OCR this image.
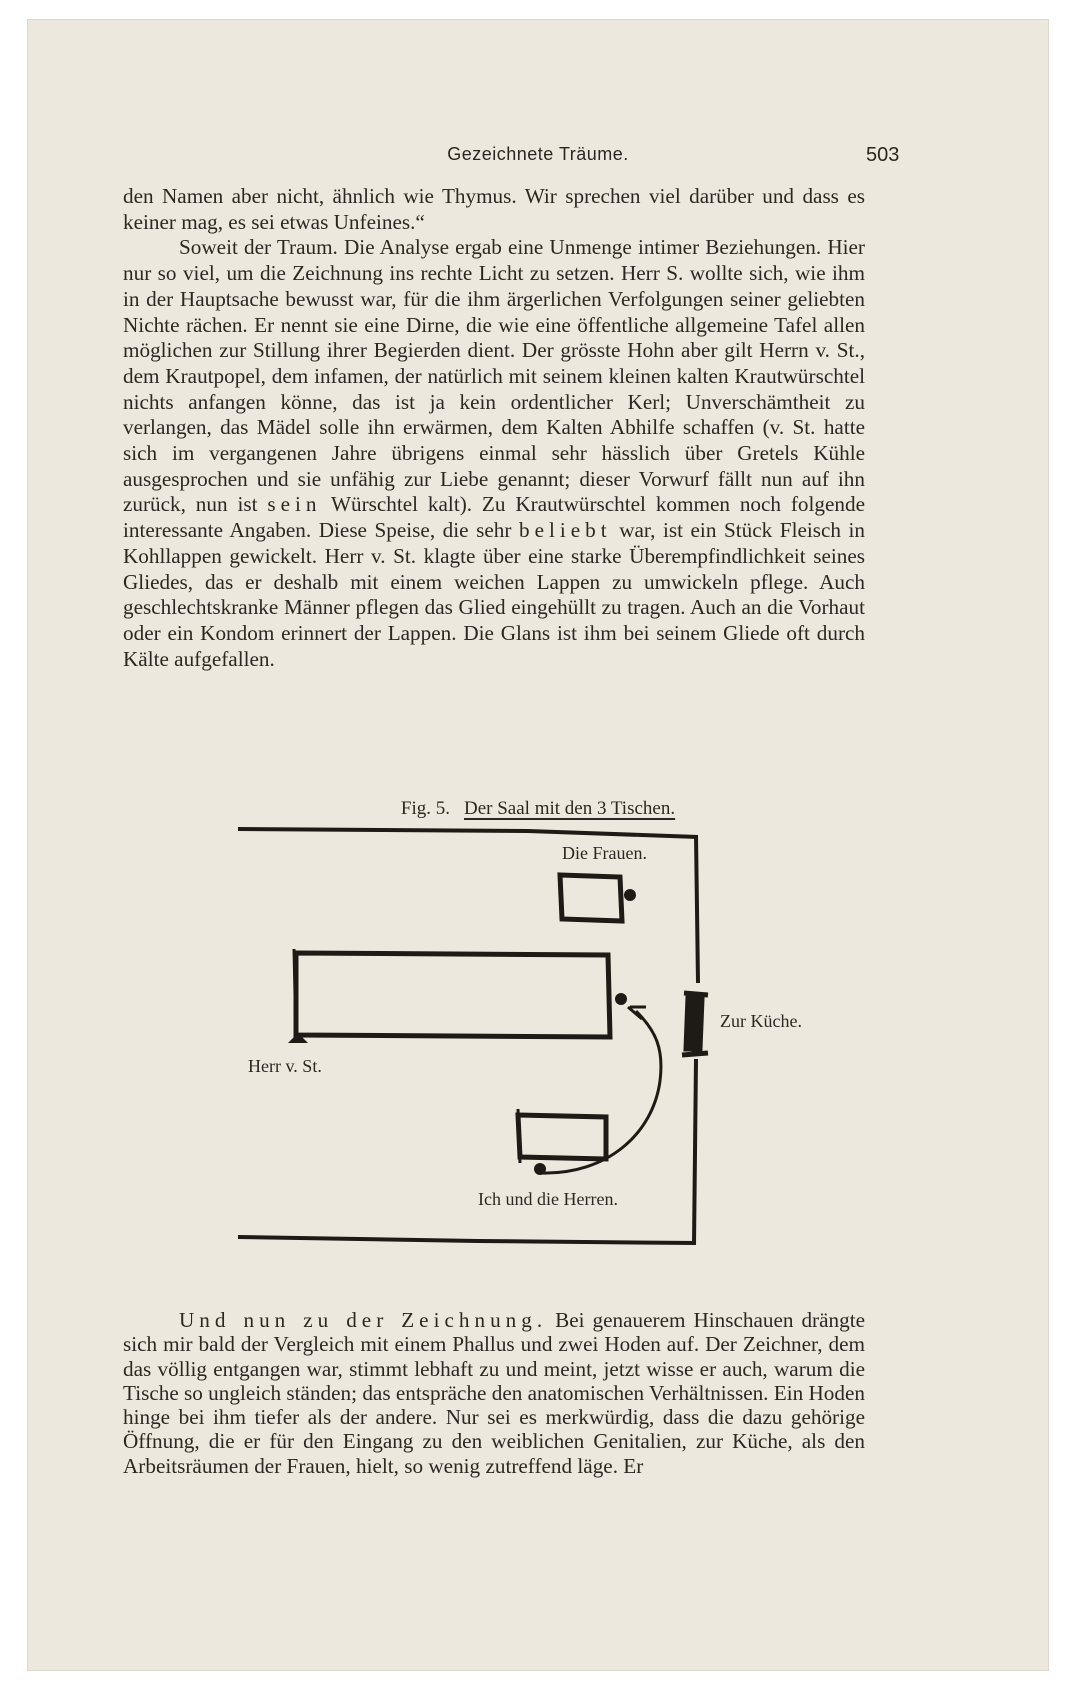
Gezeichnete Träume.	503

den Namen aber nicht, ähnlich wie Thymus. Wir sprechen viel darüber und dass es keiner mag, es sei etwas Unfeines.“

Soweit der Traum. Die Analyse ergab eine Unmenge intimer Beziehungen. Hier nur so viel, um die Zeichnung ins rechte Licht zu setzen. Herr S. wollte sich, wie ihm in der Hauptsache bewusst war, für die ihm ärgerlichen Verfolgungen seiner geliebten Nichte rächen. Er nennt sie eine Dirne, die wie eine öffentliche allgemeine Tafel allen möglichen zur Stillung ihrer Begierden dient. Der grösste Hohn aber gilt Herrn v. St., dem Krautpopel, dem infamen, der natürlich mit seinem kleinen kalten Krautwürschtel nichts anfangen könne, das ist ja kein ordentlicher Kerl; Unverschämtheit zu verlangen, das Mädel solle ihn erwärmen, dem Kalten Abhilfe schaffen (v. St. hatte sich im vergangenen Jahre übrigens einmal sehr hässlich über Gretels Kühle ausgesprochen und sie unfähig zur Liebe genannt; dieser Vorwurf fällt nun auf ihn zurück, nun ist sein Würschtel kalt). Zu Krautwürschtel kommen noch folgende interessante Angaben. Diese Speise, die sehr beliebt war, ist ein Stück Fleisch in Kohllappen gewickelt. Herr v. St. klagte über eine starke Überempfindlichkeit seines Gliedes, das er deshalb mit einem weichen Lappen zu umwickeln pflege. Auch geschlechtskranke Männer pflegen das Glied eingehüllt zu tragen. Auch an die Vorhaut oder ein Kondom erinnert der Lappen. Die Glans ist ihm bei seinem Gliede oft durch Kälte aufgefallen.

Fig. 5. Der Saal mit den 3 Tischen.
Die Frauen.
Zur Küche.
Herr v. St.
Ich und die Herren.

Und nun zu der Zeichnung. Bei genauerem Hinschauen drängte sich mir bald der Vergleich mit einem Phallus und zwei Hoden auf. Der Zeichner, dem das völlig entgangen war, stimmt lebhaft zu und meint, jetzt wisse er auch, warum die Tische so ungleich ständen; das entspräche den anatomischen Verhältnissen. Ein Hoden hinge bei ihm tiefer als der andere. Nur sei es merkwürdig, dass die dazu gehörige Öffnung, die er für den Eingang zu den weiblichen Genitalien, zur Küche, als den Arbeitsräumen der Frauen, hielt, so wenig zutreffend läge. Er
